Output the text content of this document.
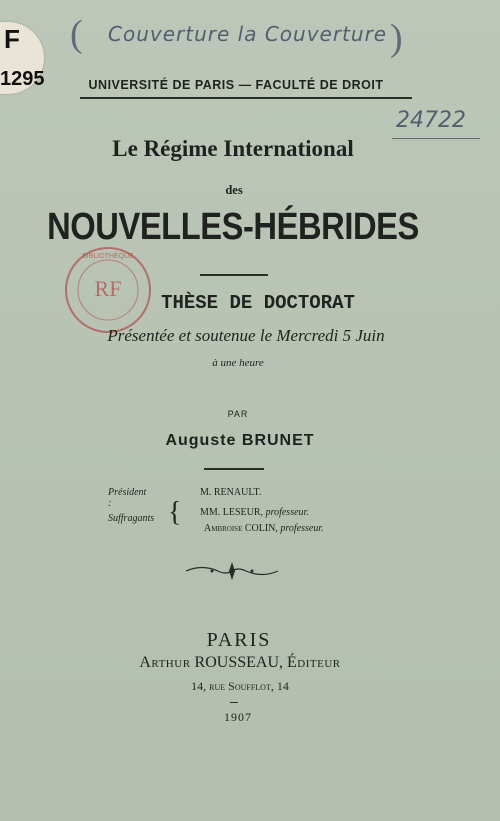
F
1295
( Couverture la Couverture )
24722
UNIVERSITÉ DE PARIS — FACULTÉ DE DROIT
Le Régime International
des
NOUVELLES-HÉBRIDES
RF
BIBLIOTHÈQUE
THÈSE DE DOCTORAT
Présentée et soutenue le Mercredi 5 Juin
à une heure
PAR
Auguste BRUNET
Président :
M. RENAULT.
Suffragants
MM. LESEUR, professeur.
Ambroise COLIN, professeur.
{
PARIS
Arthur ROUSSEAU, Éditeur
14, rue Soufflot, 14
1907
